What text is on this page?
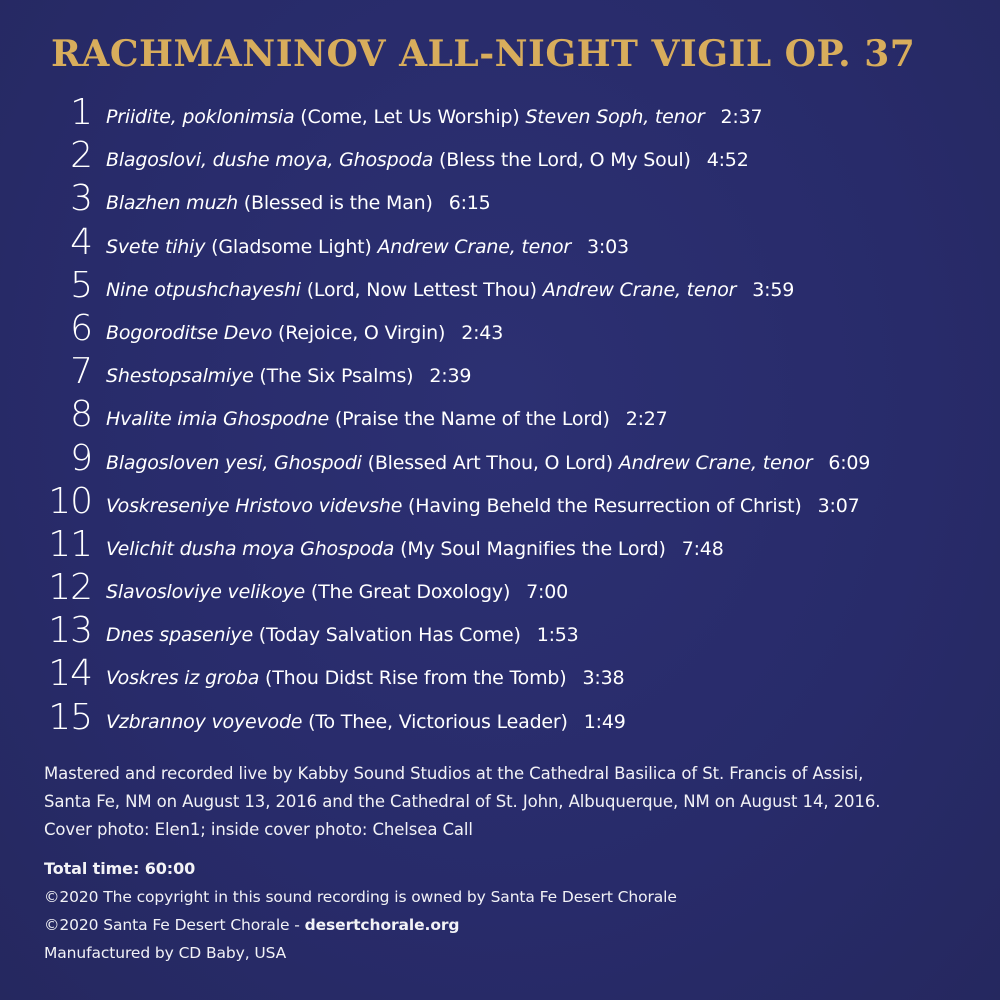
RACHMANINOV ALL-NIGHT VIGIL OP. 37
1 Priidite, poklonimsia (Come, Let Us Worship) Steven Soph, tenor 2:37
2 Blagoslovi, dushe moya, Ghospoda (Bless the Lord, O My Soul) 4:52
3 Blazhen muzh (Blessed is the Man) 6:15
4 Svete tihiy (Gladsome Light) Andrew Crane, tenor 3:03
5 Nine otpushchayeshi (Lord, Now Lettest Thou) Andrew Crane, tenor 3:59
6 Bogoroditse Devo (Rejoice, O Virgin) 2:43
7 Shestopsalmiye (The Six Psalms) 2:39
8 Hvalite imia Ghospodne (Praise the Name of the Lord) 2:27
9 Blagosloven yesi, Ghospodi (Blessed Art Thou, O Lord) Andrew Crane, tenor 6:09
10 Voskreseniye Hristovo videvshe (Having Beheld the Resurrection of Christ) 3:07
11 Velichit dusha moya Ghospoda (My Soul Magnifies the Lord) 7:48
12 Slavosloviye velikoye (The Great Doxology) 7:00
13 Dnes spaseniye (Today Salvation Has Come) 1:53
14 Voskres iz groba (Thou Didst Rise from the Tomb) 3:38
15 Vzbrannoy voyevode (To Thee, Victorious Leader) 1:49

Mastered and recorded live by Kabby Sound Studios at the Cathedral Basilica of St. Francis of Assisi,

Santa Fe, NM on August 13, 2016 and the Cathedral of St. John, Albuquerque, NM on August 14, 2016.

Cover photo: Elen1; inside cover photo: Chelsea Call

Total time: 60:00

©2020 The copyright in this sound recording is owned by Santa Fe Desert Chorale

©2020 Santa Fe Desert Chorale - desertchorale.org

Manufactured by CD Baby, USA
